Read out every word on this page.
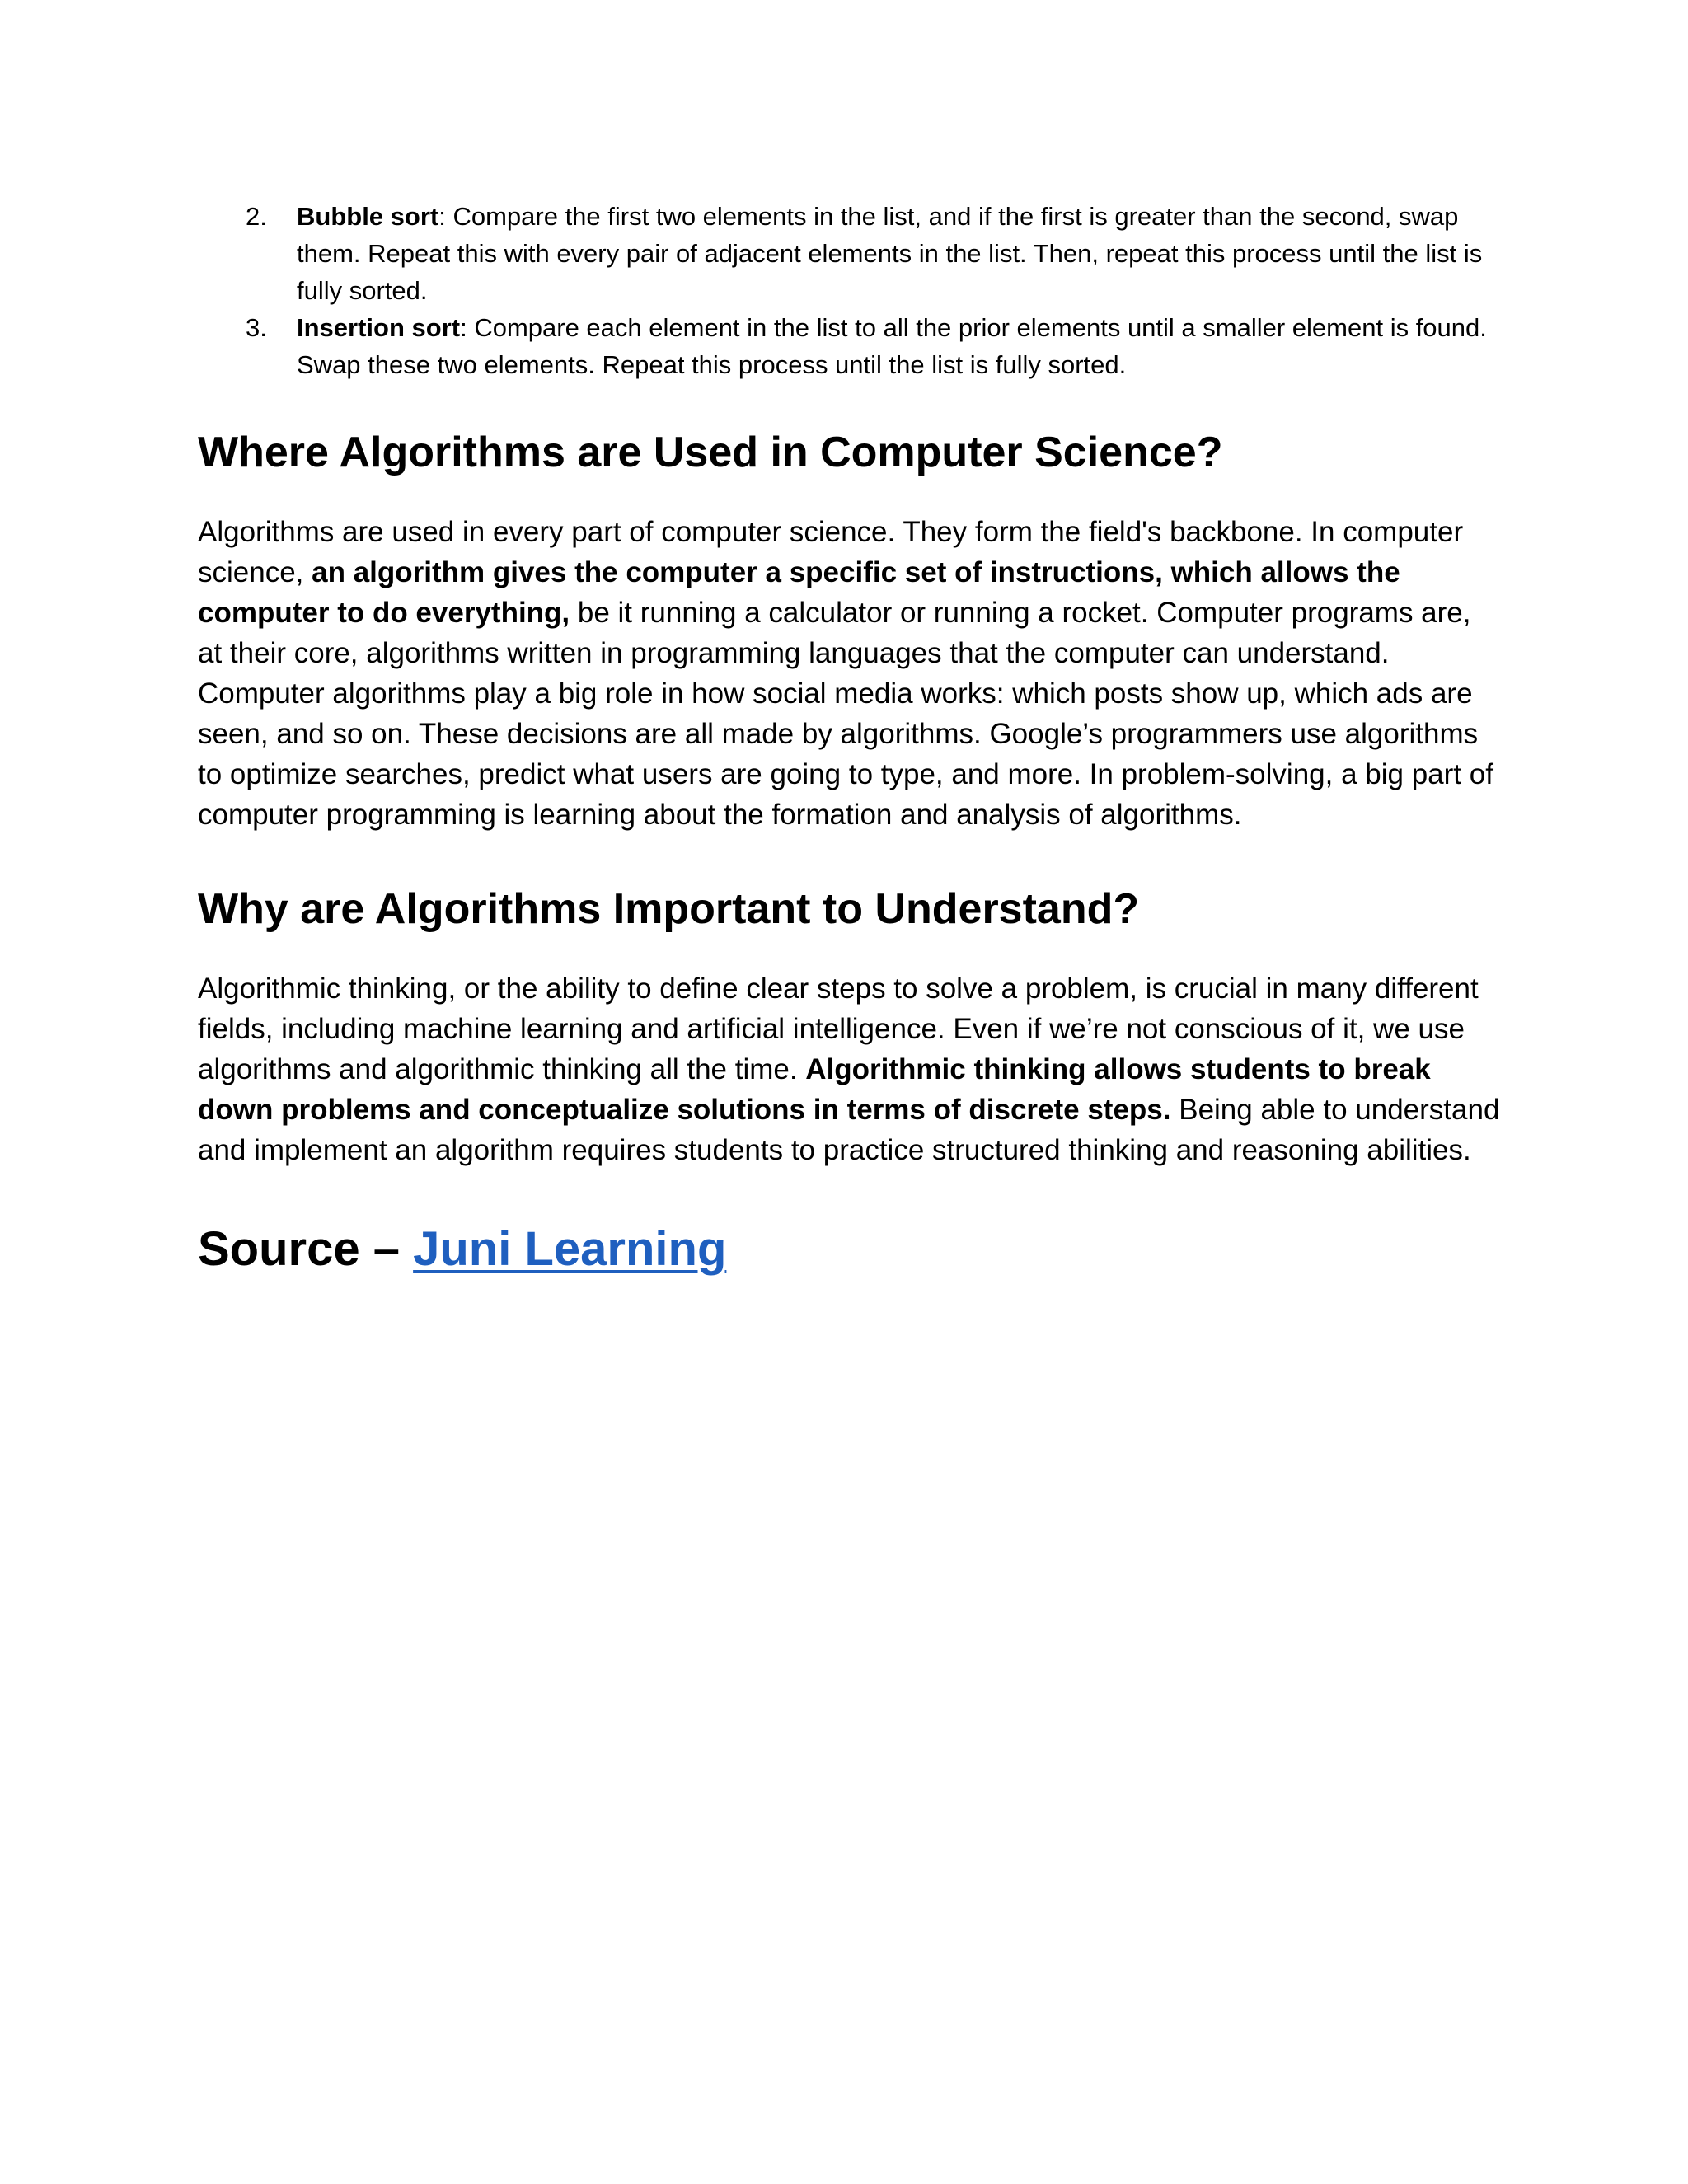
2. Bubble sort: Compare the first two elements in the list, and if the first is greater than the second, swap them. Repeat this with every pair of adjacent elements in the list. Then, repeat this process until the list is fully sorted.
3. Insertion sort: Compare each element in the list to all the prior elements until a smaller element is found. Swap these two elements. Repeat this process until the list is fully sorted.
Where Algorithms are Used in Computer Science?

Algorithms are used in every part of computer science. They form the field's backbone. In computer science, an algorithm gives the computer a specific set of instructions, which allows the computer to do everything, be it running a calculator or running a rocket. Computer programs are, at their core, algorithms written in programming languages that the computer can understand. Computer algorithms play a big role in how social media works: which posts show up, which ads are seen, and so on. These decisions are all made by algorithms. Google’s programmers use algorithms to optimize searches, predict what users are going to type, and more. In problem-solving, a big part of computer programming is learning about the formation and analysis of algorithms.

Why are Algorithms Important to Understand?

Algorithmic thinking, or the ability to define clear steps to solve a problem, is crucial in many different fields, including machine learning and artificial intelligence. Even if we’re not conscious of it, we use algorithms and algorithmic thinking all the time. Algorithmic thinking allows students to break down problems and conceptualize solutions in terms of discrete steps. Being able to understand and implement an algorithm requires students to practice structured thinking and reasoning abilities.

Source – Juni Learning
